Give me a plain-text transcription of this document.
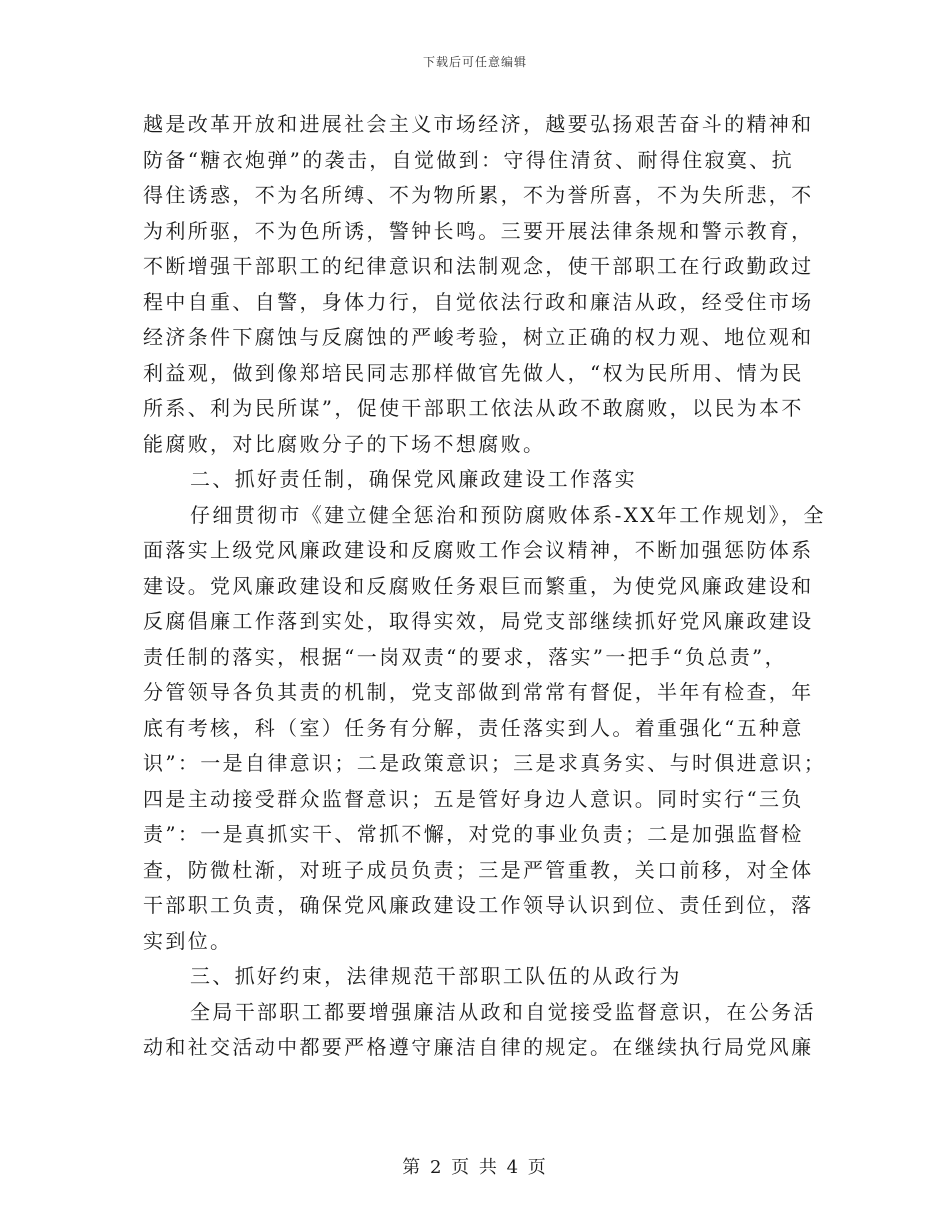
下载后可任意编辑
越是改革开放和进展社会主义市场经济，越要弘扬艰苦奋斗的精神和
防备“糖衣炮弹”的袭击，自觉做到：守得住清贫、耐得住寂寞、抗
得住诱惑，不为名所缚、不为物所累，不为誉所喜，不为失所悲，不
为利所驱，不为色所诱，警钟长鸣。三要开展法律条规和警示教育，
不断增强干部职工的纪律意识和法制观念，使干部职工在行政勤政过
程中自重、自警，身体力行，自觉依法行政和廉洁从政，经受住市场
经济条件下腐蚀与反腐蚀的严峻考验，树立正确的权力观、地位观和
利益观，做到像郑培民同志那样做官先做人，“权为民所用、情为民
所系、利为民所谋”，促使干部职工依法从政不敢腐败，以民为本不
能腐败，对比腐败分子的下场不想腐败。
二、抓好责任制，确保党风廉政建设工作落实
仔细贯彻市《建立健全惩治和预防腐败体系-XX年工作规划》，全
面落实上级党风廉政建设和反腐败工作会议精神，不断加强惩防体系
建设。党风廉政建设和反腐败任务艰巨而繁重，为使党风廉政建设和
反腐倡廉工作落到实处，取得实效，局党支部继续抓好党风廉政建设
责任制的落实，根据“一岗双责“的要求，落实”一把手“负总责”，
分管领导各负其责的机制，党支部做到常常有督促，半年有检查，年
底有考核，科（室）任务有分解，责任落实到人。着重强化“五种意
识”：一是自律意识；二是政策意识；三是求真务实、与时俱进意识；
四是主动接受群众监督意识；五是管好身边人意识。同时实行“三负
责”：一是真抓实干、常抓不懈，对党的事业负责；二是加强监督检
查，防微杜渐，对班子成员负责；三是严管重教，关口前移，对全体
干部职工负责，确保党风廉政建设工作领导认识到位、责任到位，落
实到位。
三、抓好约束，法律规范干部职工队伍的从政行为
全局干部职工都要增强廉洁从政和自觉接受监督意识，在公务活
动和社交活动中都要严格遵守廉洁自律的规定。在继续执行局党风廉
第 2 页 共 4 页
